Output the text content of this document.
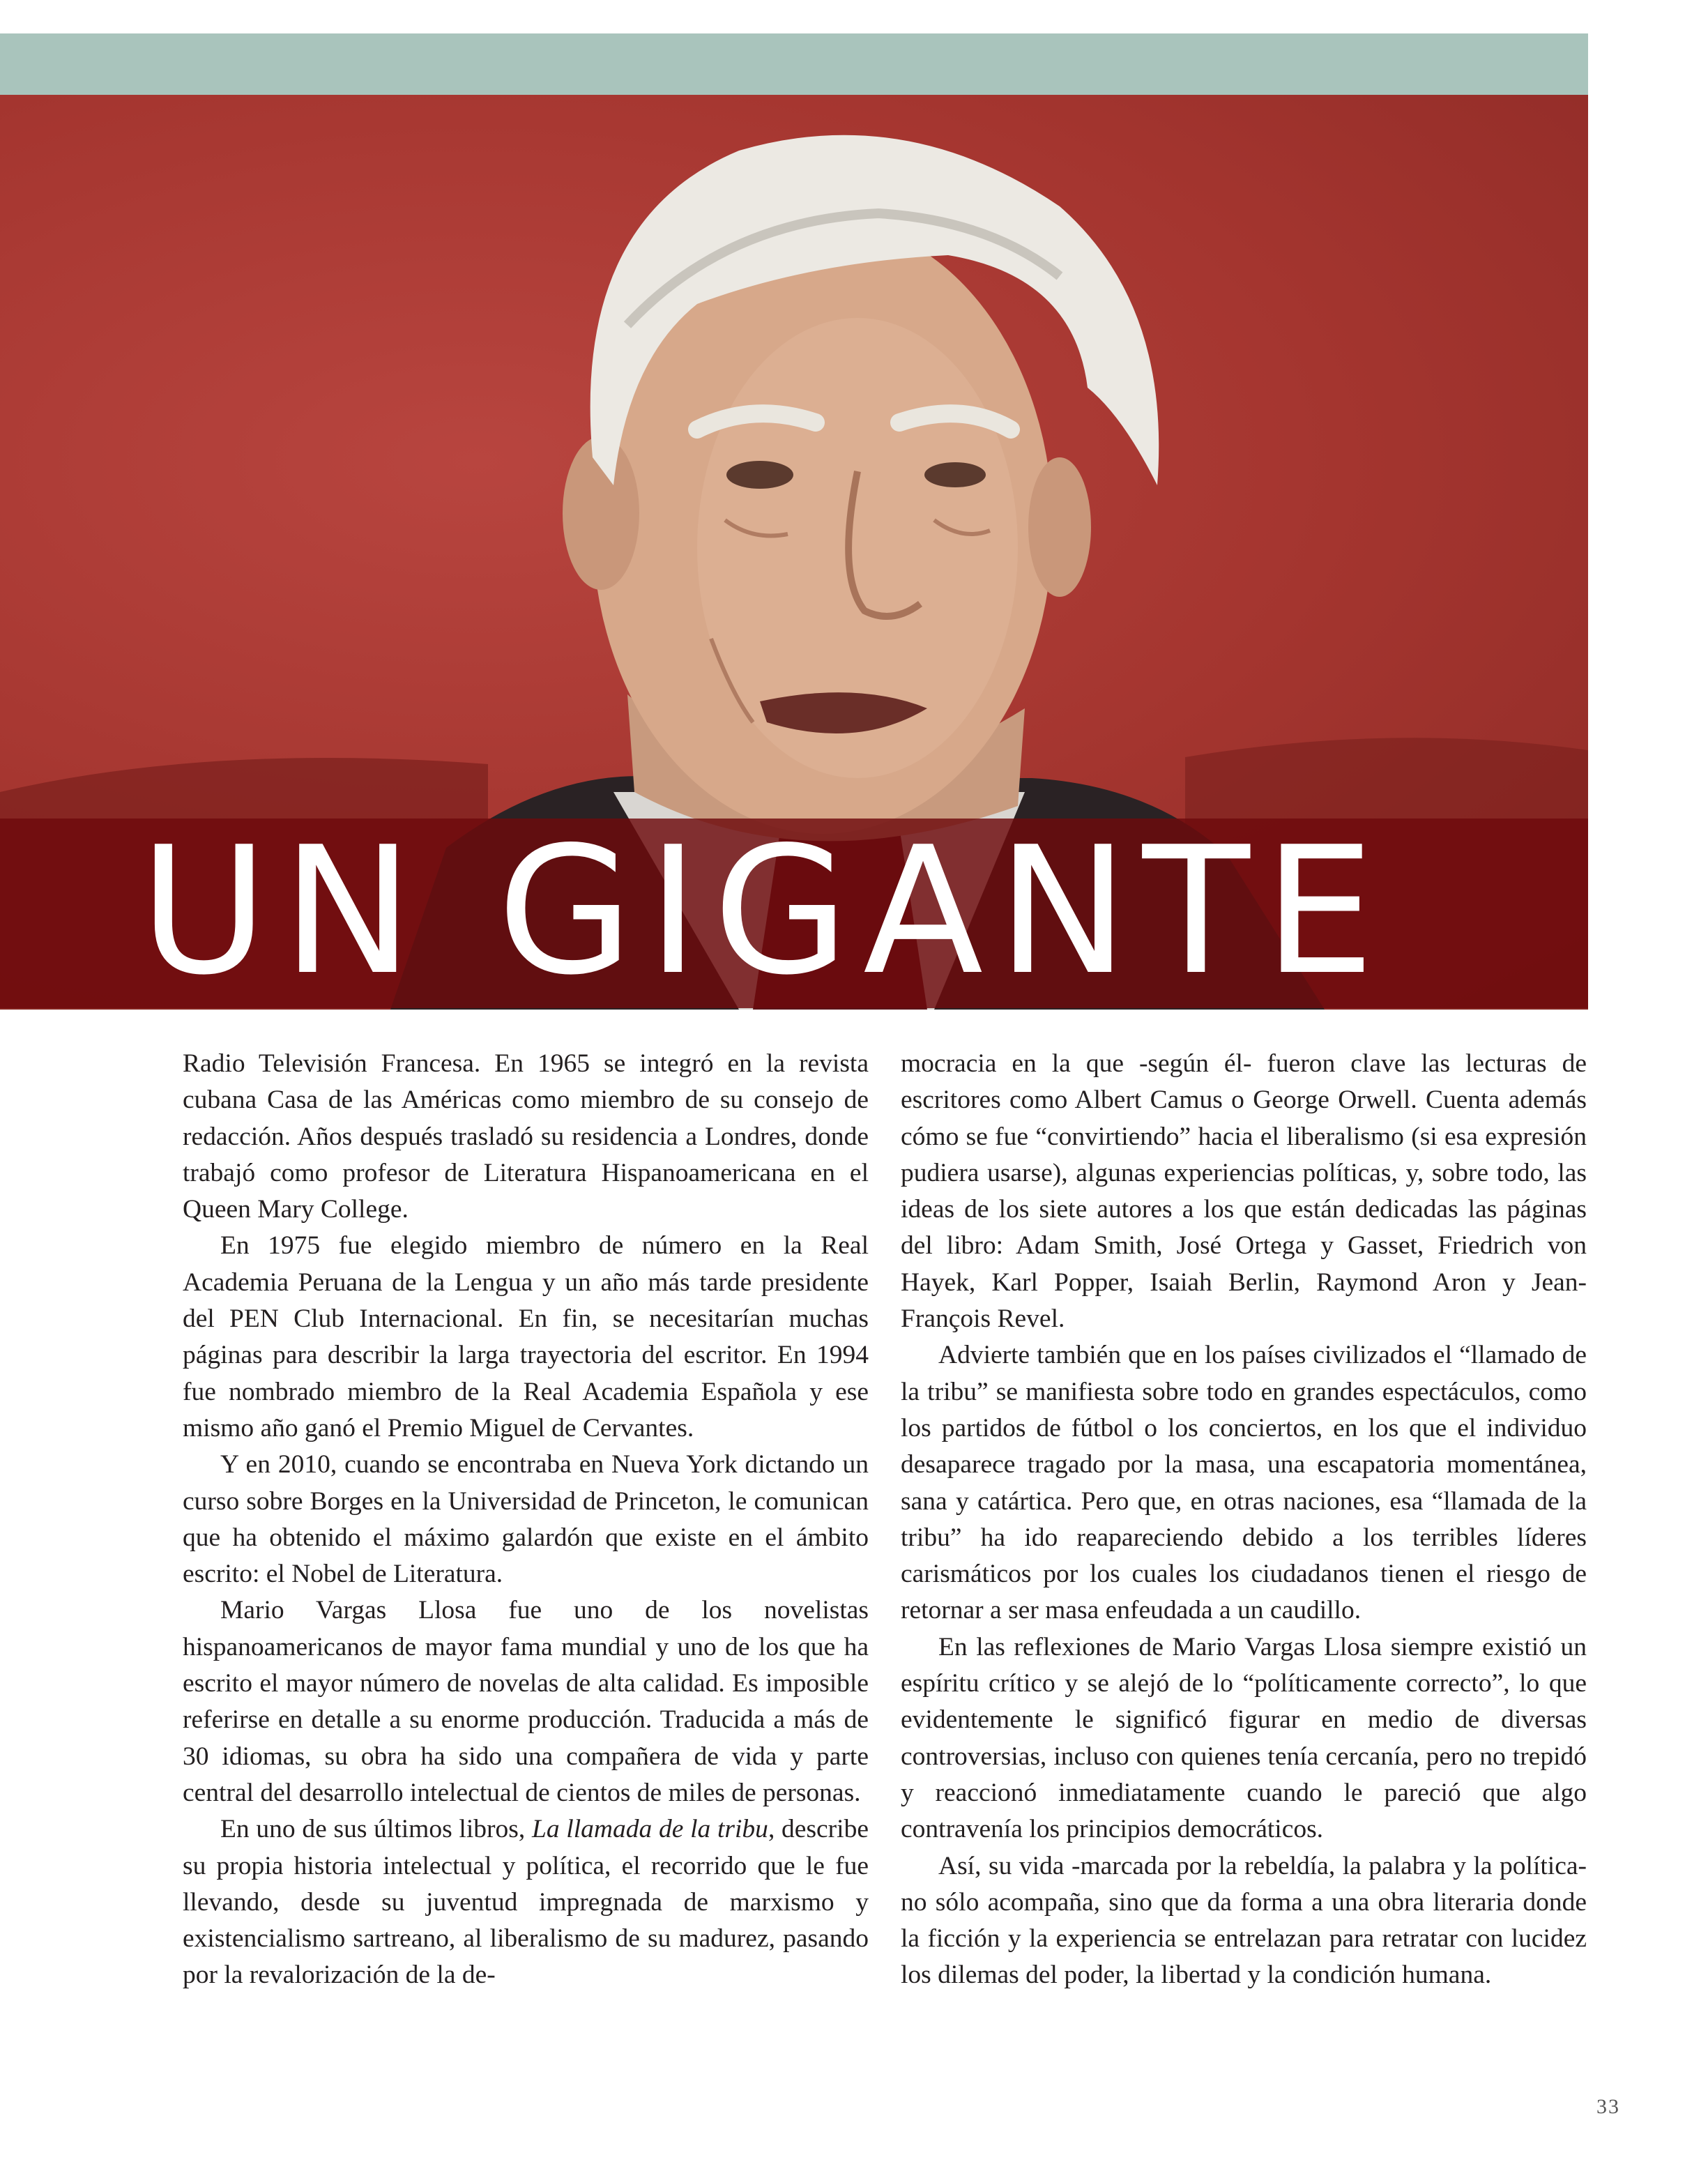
UN GIGANTE

Radio Televisión Francesa. En 1965 se integró en la revista cubana Casa de las Américas como miembro de su consejo de redacción. Años después trasladó su residencia a Londres, donde trabajó como profesor de Literatura Hispanoamericana en el Queen Mary College.

En 1975 fue elegido miembro de número en la Real Academia Peruana de la Lengua y un año más tarde presidente del PEN Club Internacional. En fin, se necesitarían muchas páginas para describir la larga trayectoria del escritor. En 1994 fue nombrado miembro de la Real Academia Española y ese mismo año ganó el Premio Miguel de Cervantes.

Y en 2010, cuando se encontraba en Nueva York dictando un curso sobre Borges en la Universidad de Princeton, le comunican que ha obtenido el máximo galardón que existe en el ámbito escrito: el Nobel de Literatura.

Mario Vargas Llosa fue uno de los novelistas hispanoamericanos de mayor fama mundial y uno de los que ha escrito el mayor número de novelas de alta calidad. Es imposible referirse en detalle a su enorme producción. Traducida a más de 30 idiomas, su obra ha sido una compañera de vida y parte central del desarrollo intelectual de cientos de miles de personas.

En uno de sus últimos libros, La llamada de la tribu, describe su propia historia intelectual y política, el recorrido que le fue llevando, desde su juventud impregnada de marxismo y existencialismo sartreano, al liberalismo de su madurez, pasando por la revalorización de la de-

mocracia en la que -según él- fueron clave las lecturas de escritores como Albert Camus o George Orwell. Cuenta además cómo se fue “convirtiendo” hacia el liberalismo (si esa expresión pudiera usarse), algunas experiencias políticas, y, sobre todo, las ideas de los siete autores a los que están dedicadas las páginas del libro: Adam Smith, José Ortega y Gasset, Friedrich von Hayek, Karl Popper, Isaiah Berlin, Raymond Aron y Jean-François Revel.

Advierte también que en los países civilizados el “llamado de la tribu” se manifiesta sobre todo en grandes espectáculos, como los partidos de fútbol o los conciertos, en los que el individuo desaparece tragado por la masa, una escapatoria momentánea, sana y catártica. Pero que, en otras naciones, esa “llamada de la tribu” ha ido reapareciendo debido a los terribles líderes carismáticos por los cuales los ciudadanos tienen el riesgo de retornar a ser masa enfeudada a un caudillo.

En las reflexiones de Mario Vargas Llosa siempre existió un espíritu crítico y se alejó de lo “políticamente correcto”, lo que evidentemente le significó figurar en medio de diversas controversias, incluso con quienes tenía cercanía, pero no trepidó y reaccionó inmediatamente cuando le pareció que algo contravenía los principios democráticos.

Así, su vida -marcada por la rebeldía, la palabra y la política- no sólo acompaña, sino que da forma a una obra literaria donde la ficción y la experiencia se entrelazan para retratar con lucidez los dilemas del poder, la libertad y la condición humana.

33
